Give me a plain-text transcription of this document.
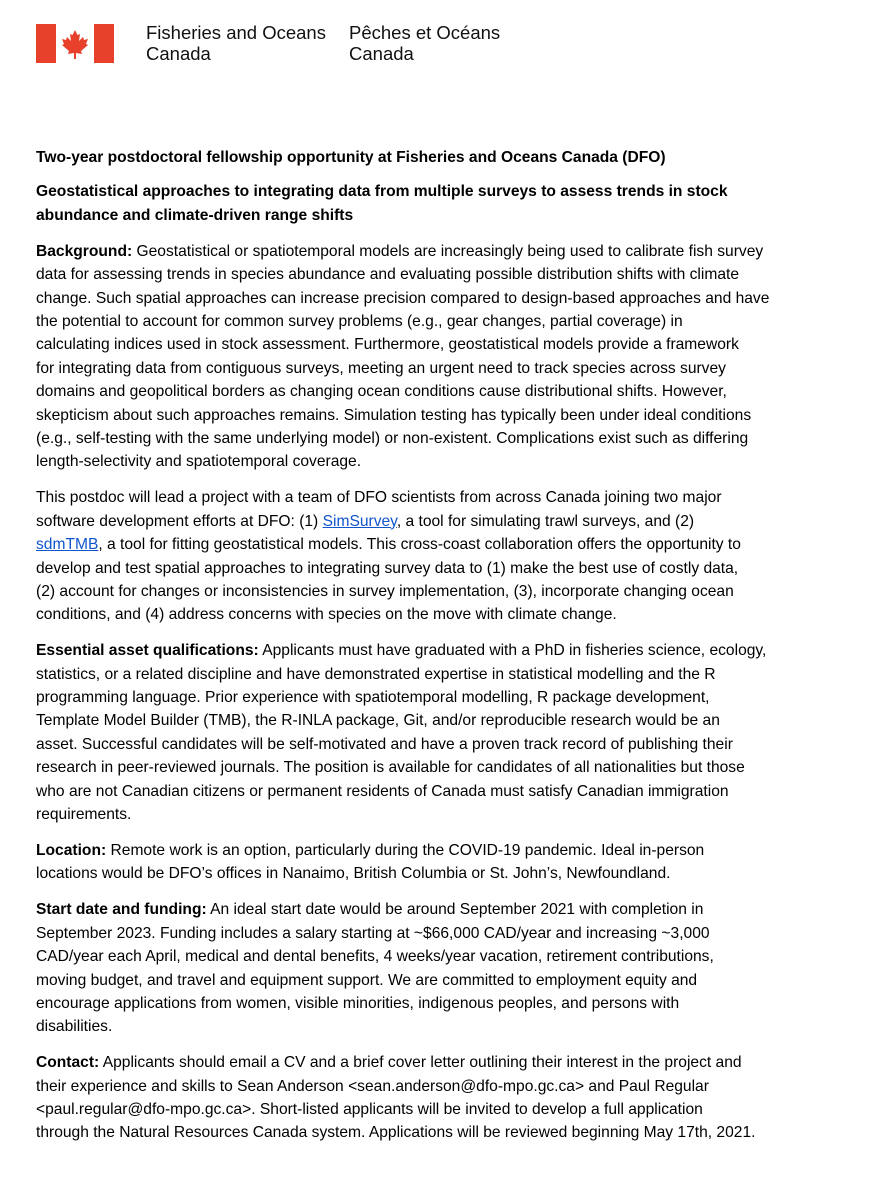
Fisheries and Oceans
Canada
Pêches et Océans
Canada
Two-year postdoctoral fellowship opportunity at Fisheries and Oceans Canada (DFO)
Geostatistical approaches to integrating data from multiple surveys to assess trends in stock
abundance and climate-driven range shifts
Background: Geostatistical or spatiotemporal models are increasingly being used to calibrate fish survey
data for assessing trends in species abundance and evaluating possible distribution shifts with climate
change. Such spatial approaches can increase precision compared to design-based approaches and have
the potential to account for common survey problems (e.g., gear changes, partial coverage) in
calculating indices used in stock assessment. Furthermore, geostatistical models provide a framework
for integrating data from contiguous surveys, meeting an urgent need to track species across survey
domains and geopolitical borders as changing ocean conditions cause distributional shifts. However,
skepticism about such approaches remains. Simulation testing has typically been under ideal conditions
(e.g., self-testing with the same underlying model) or non-existent. Complications exist such as differing
length-selectivity and spatiotemporal coverage.
This postdoc will lead a project with a team of DFO scientists from across Canada joining two major
software development efforts at DFO: (1) SimSurvey, a tool for simulating trawl surveys, and (2)
sdmTMB, a tool for fitting geostatistical models. This cross-coast collaboration offers the opportunity to
develop and test spatial approaches to integrating survey data to (1) make the best use of costly data,
(2) account for changes or inconsistencies in survey implementation, (3), incorporate changing ocean
conditions, and (4) address concerns with species on the move with climate change.
Essential asset qualifications: Applicants must have graduated with a PhD in fisheries science, ecology,
statistics, or a related discipline and have demonstrated expertise in statistical modelling and the R
programming language. Prior experience with spatiotemporal modelling, R package development,
Template Model Builder (TMB), the R-INLA package, Git, and/or reproducible research would be an
asset. Successful candidates will be self-motivated and have a proven track record of publishing their
research in peer-reviewed journals. The position is available for candidates of all nationalities but those
who are not Canadian citizens or permanent residents of Canada must satisfy Canadian immigration
requirements.
Location: Remote work is an option, particularly during the COVID-19 pandemic. Ideal in-person
locations would be DFO’s offices in Nanaimo, British Columbia or St. John’s, Newfoundland.
Start date and funding: An ideal start date would be around September 2021 with completion in
September 2023. Funding includes a salary starting at ~$66,000 CAD/year and increasing ~3,000
CAD/year each April, medical and dental benefits, 4 weeks/year vacation, retirement contributions,
moving budget, and travel and equipment support. We are committed to employment equity and
encourage applications from women, visible minorities, indigenous peoples, and persons with
disabilities.
Contact: Applicants should email a CV and a brief cover letter outlining their interest in the project and
their experience and skills to Sean Anderson <sean.anderson@dfo-mpo.gc.ca> and Paul Regular
<paul.regular@dfo-mpo.gc.ca>. Short-listed applicants will be invited to develop a full application
through the Natural Resources Canada system. Applications will be reviewed beginning May 17th, 2021.
